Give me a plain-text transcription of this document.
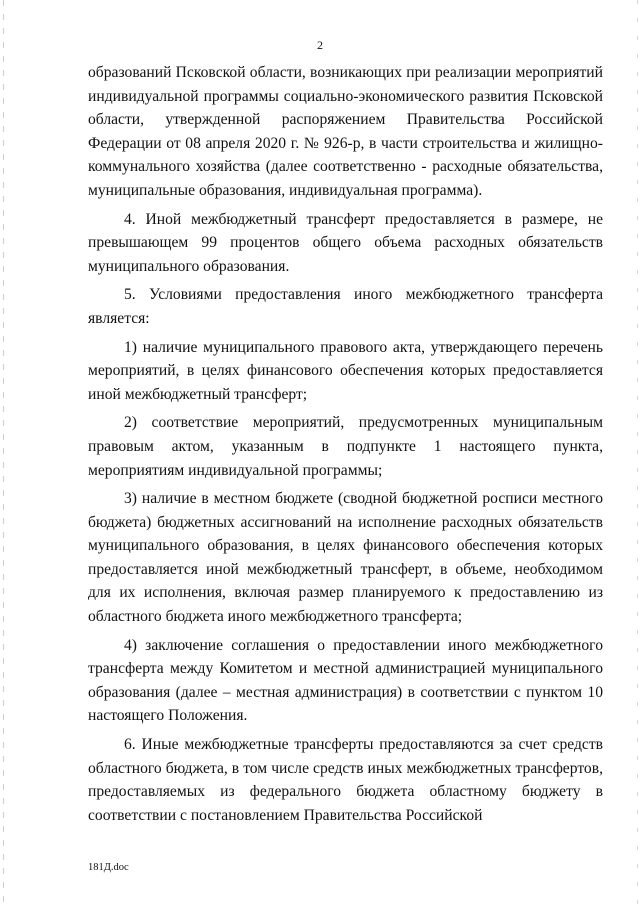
2

образований Псковской области, возникающих при реализации мероприятий индивидуальной программы социально-экономического развития Псковской области, утвержденной распоряжением Правительства Российской Федерации от 08 апреля 2020 г. № 926-р, в части строительства и жилищно-коммунального хозяйства (далее соответственно - расходные обязательства, муниципальные образования, индивидуальная программа).

4. Иной межбюджетный трансферт предоставляется в размере, не превышающем 99 процентов общего объема расходных обязательств муниципального образования.

5. Условиями предоставления иного межбюджетного трансферта является:

1) наличие муниципального правового акта, утверждающего перечень мероприятий, в целях финансового обеспечения которых предоставляется иной межбюджетный трансферт;

2) соответствие мероприятий, предусмотренных муниципальным правовым актом, указанным в подпункте 1 настоящего пункта, мероприятиям индивидуальной программы;

3) наличие в местном бюджете (сводной бюджетной росписи местного бюджета) бюджетных ассигнований на исполнение расходных обязательств муниципального образования, в целях финансового обеспечения которых предоставляется иной межбюджетный трансферт, в объеме, необходимом для их исполнения, включая размер планируемого к предоставлению из областного бюджета иного межбюджетного трансферта;

4) заключение соглашения о предоставлении иного межбюджетного трансферта между Комитетом и местной администрацией муниципального образования (далее – местная администрация) в соответствии с пунктом 10 настоящего Положения.

6. Иные межбюджетные трансферты предоставляются за счет средств областного бюджета, в том числе средств иных межбюджетных трансфертов, предоставляемых из федерального бюджета областному бюджету в соответствии с постановлением Правительства Российской

181Д.doc
